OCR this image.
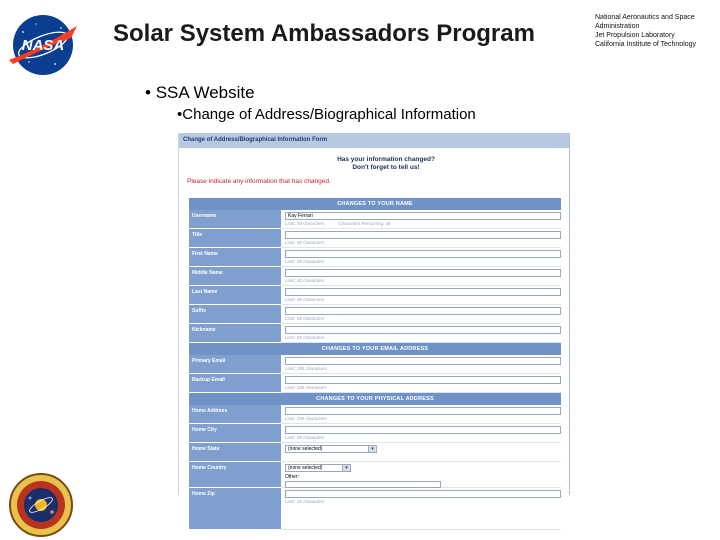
NASA Solar System Ambassadors Program
National Aeronautics and Space
Administration
Jet Propulsion Laboratory
California Institute of Technology
• SSA Website
•Change of Address/Biographical Information
Change of Address/Biographical Information Form
Has your information changed?
Don't forget to tell us!
Please indicate any information that has changed.
CHANGES TO YOUR NAME
Username	Kay Ferrari
Limit: 50 characters	Characters Remaining: 39
Title
Limit: 50 characters
First Name
Limit: 50 characters
Middle Name
Limit: 50 characters
Last Name
Limit: 50 characters
Suffix
Limit: 50 characters
Nickname
Limit: 50 characters
CHANGES TO YOUR EMAIL ADDRESS
Primary Email
Limit: 255 characters
Backup Email
Limit: 255 characters
CHANGES TO YOUR PHYSICAL ADDRESS
Home Address
Limit: 255 characters
Home City
Limit: 50 characters
Home State	(none selected)	▾
Home Country	(none selected)	▾
Other:
Home Zip
Limit: 20 characters
